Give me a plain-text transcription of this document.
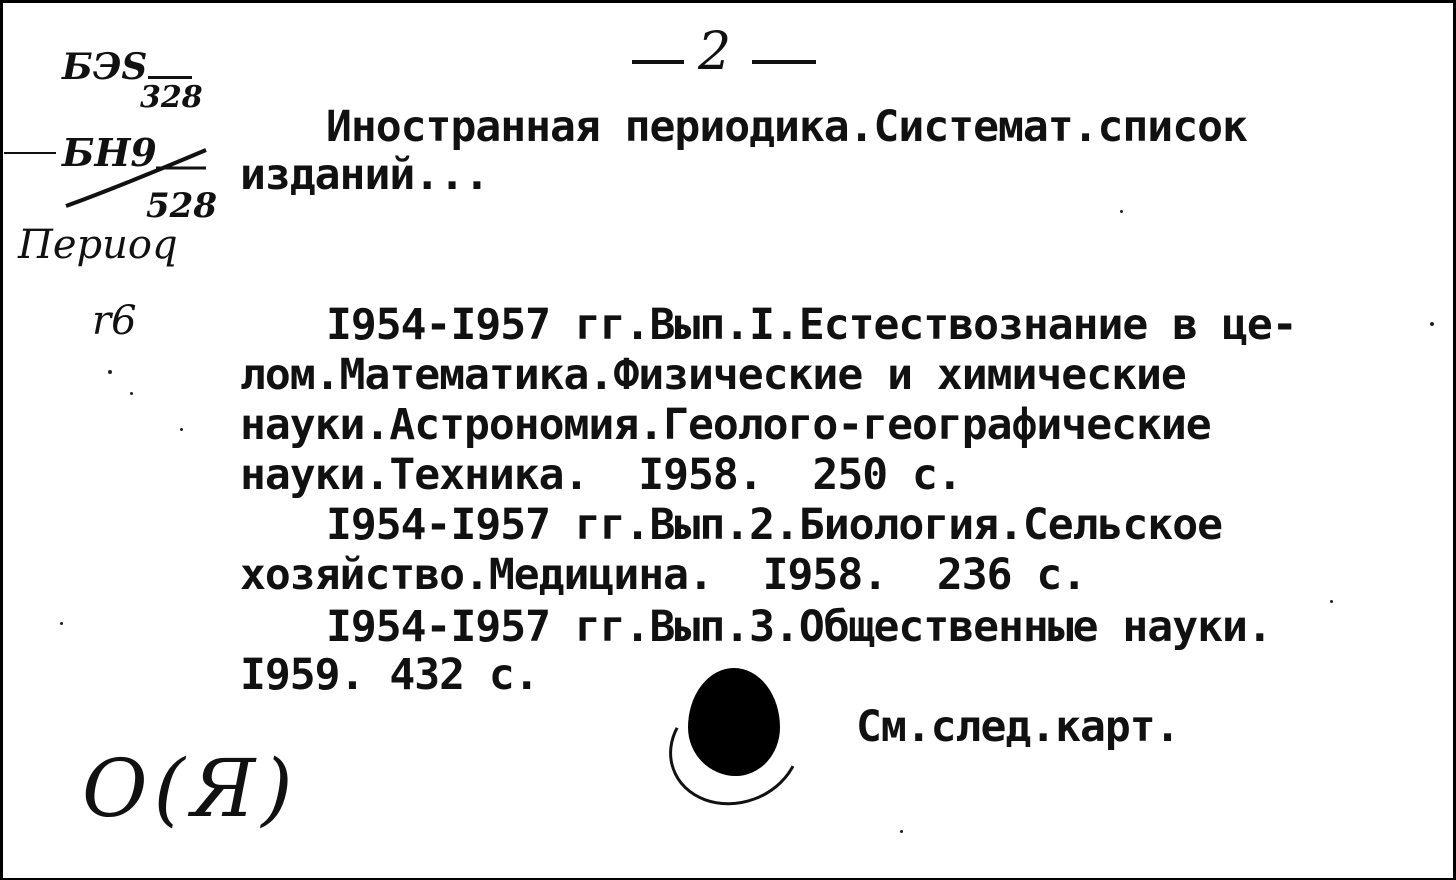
2
БЭS
328
БН9
528
Периоq
r6
О(Я)
Иностранная периодика.Системат.список
изданий...
I954-I957 гг.Вып.I.Естествознание в це-
лом.Математика.Физические и химические
науки.Астрономия.Геолого-географические
науки.Техника.  I958.  250 с.
I954-I957 гг.Вып.2.Биология.Сельское
хозяйство.Медицина.  I958.  236 с.
I954-I957 гг.Вып.3.Общественные науки.
I959. 432 с.
См.след.карт.
